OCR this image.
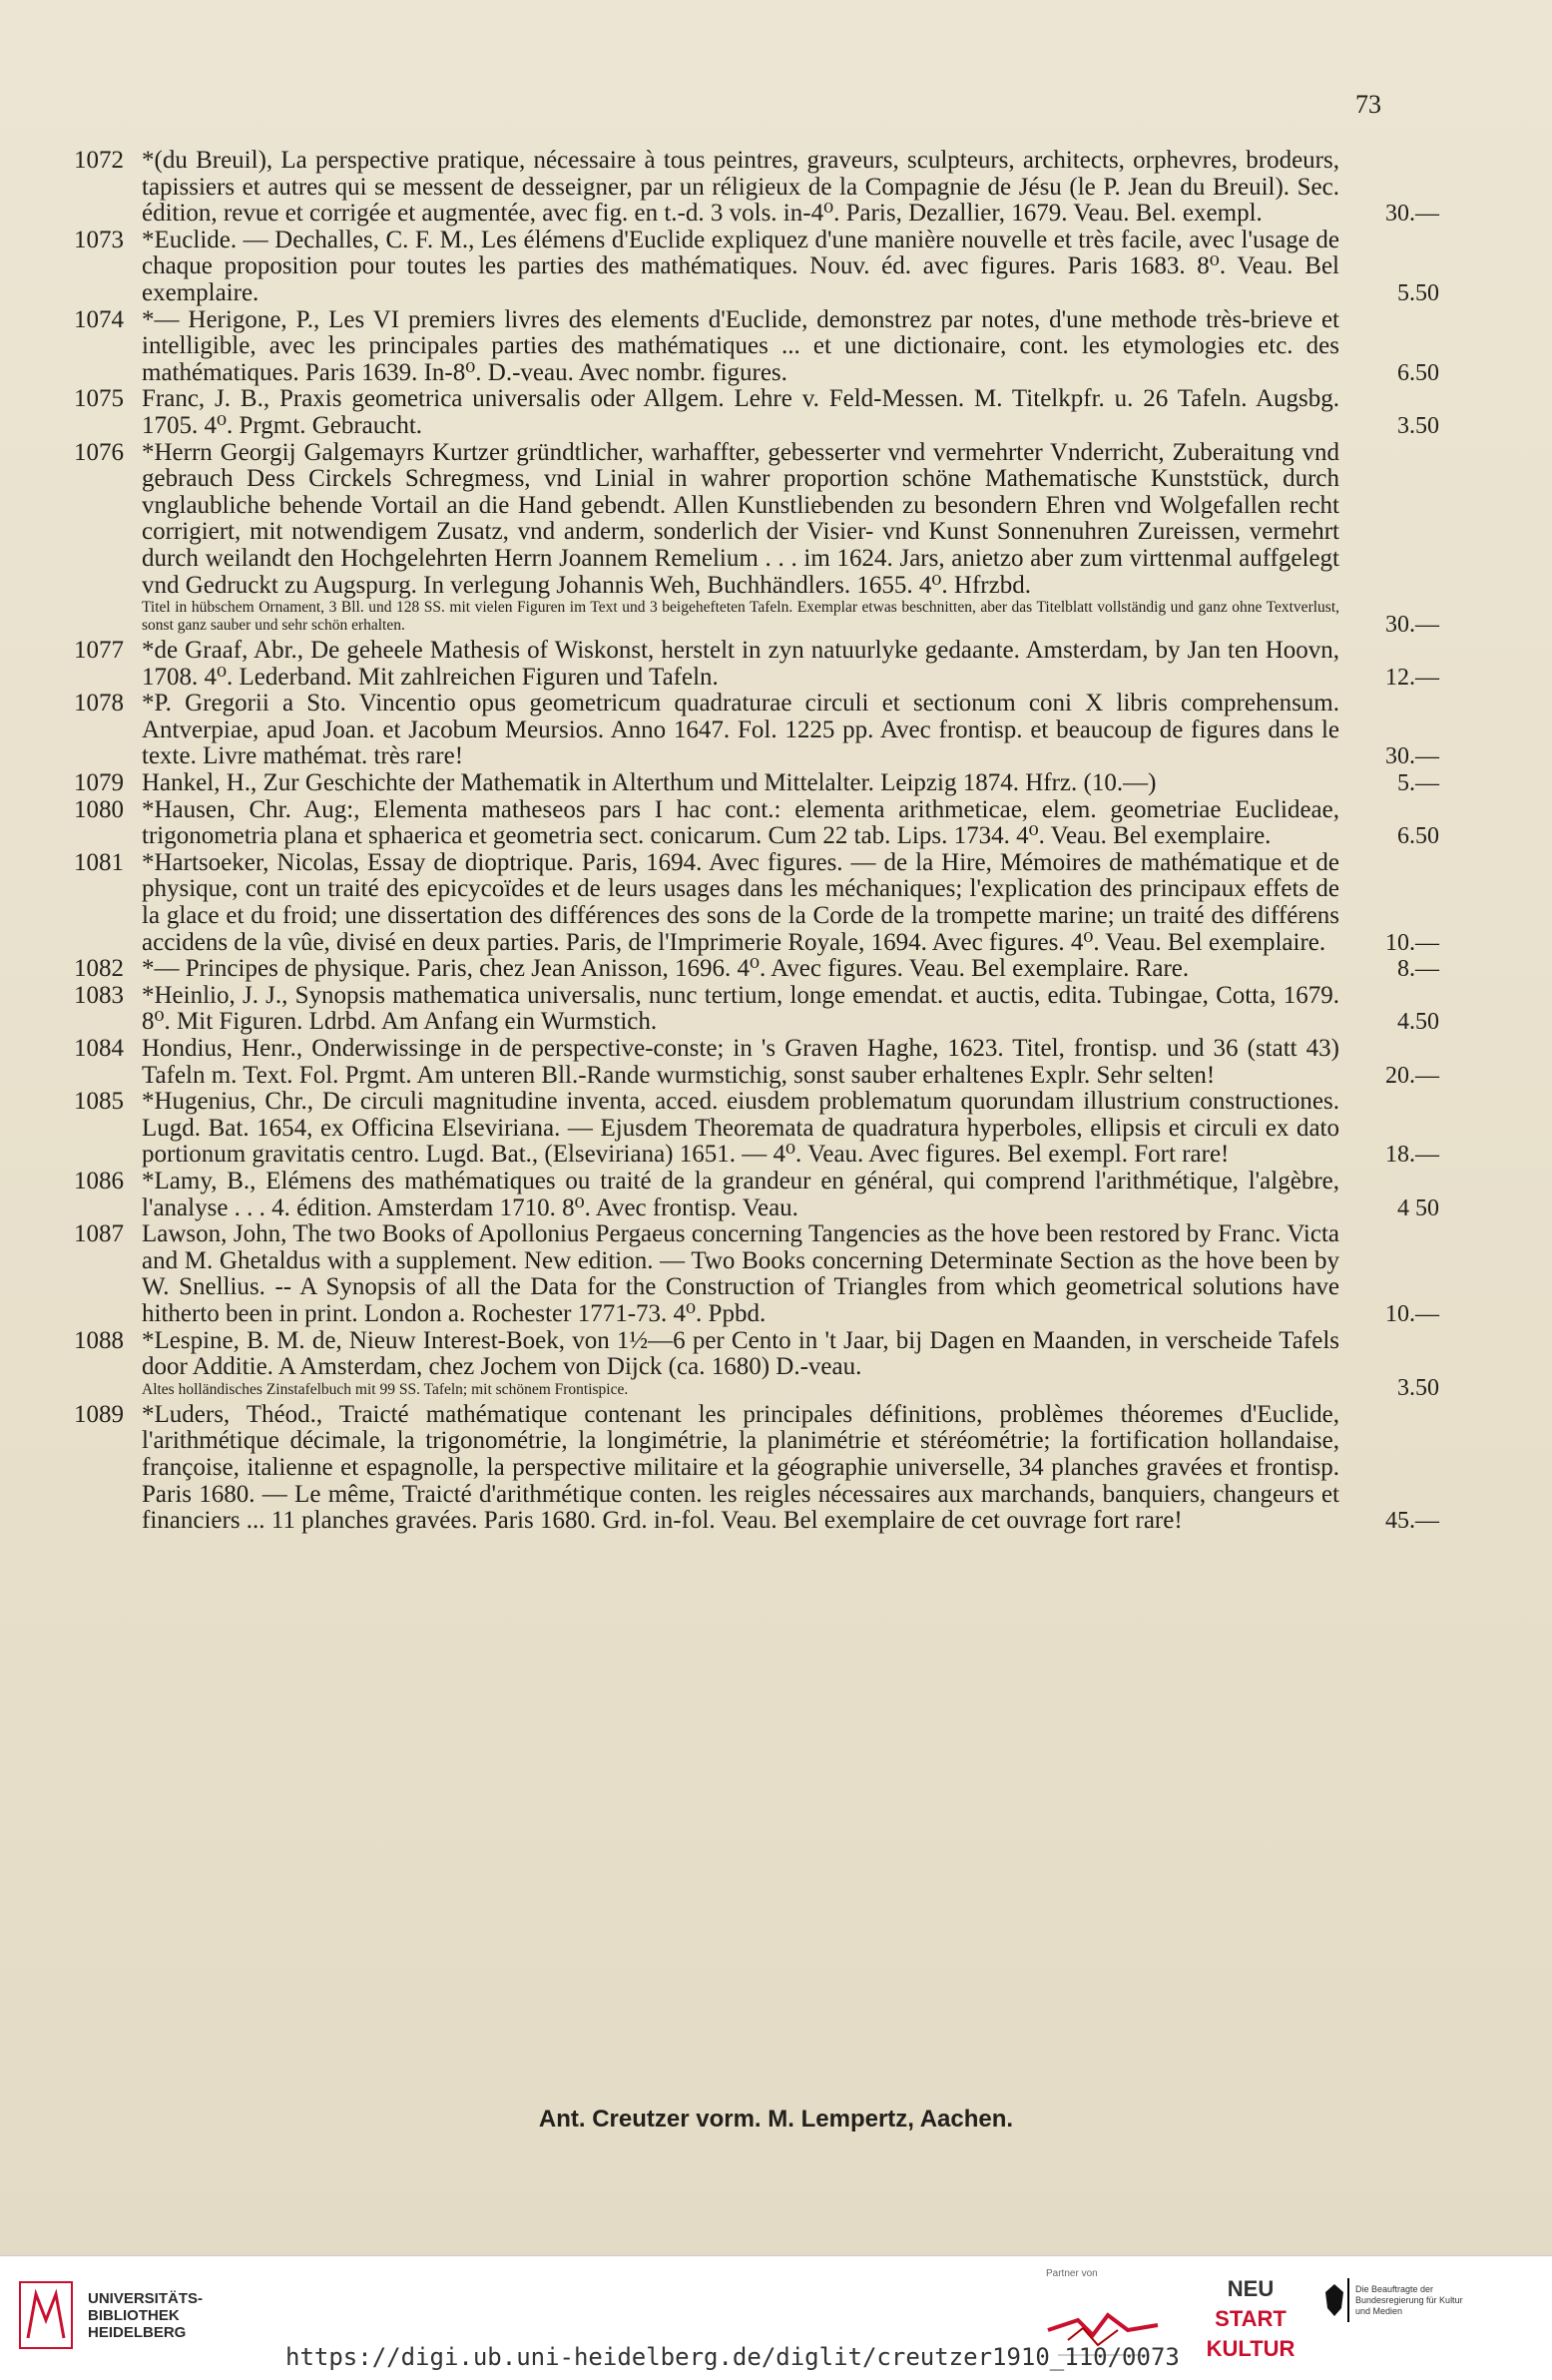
73
1072 *(du Breuil), La perspective pratique, nécessaire à tous peintres, graveurs, sculpteurs, architects, orphevres, brodeurs, tapissiers et autres qui se messent de desseigner, par un réligieux de la Compagnie de Jésu (le P. Jean du Breuil). Sec. édition, revue et corrigée et augmentée, avec fig. en t.-d. 3 vols. in-4⁰. Paris, Dezallier, 1679. Veau. Bel. exempl.	30.—
1073 *Euclide. — Dechalles, C. F. M., Les élémens d'Euclide expliquez d'une manière nouvelle et très facile, avec l'usage de chaque proposition pour toutes les parties des mathématiques. Nouv. éd. avec figures. Paris 1683. 8⁰. Veau. Bel exemplaire.	5.50
1074 *— Herigone, P., Les VI premiers livres des elements d'Euclide, demonstrez par notes, d'une methode très-brieve et intelligible, avec les principales parties des mathématiques ... et une dictionaire, cont. les etymologies etc. des mathématiques. Paris 1639. In-8⁰. D.-veau. Avec nombr. figures.	6.50
1075 Franc, J. B., Praxis geometrica universalis oder Allgem. Lehre v. Feld-Messen. M. Titelkpfr. u. 26 Tafeln. Augsbg. 1705. 4⁰. Prgmt. Gebraucht.	3.50
1076 *Herrn Georgij Galgemayrs Kurtzer gründtlicher, warhaffter, gebesserter vnd vermehrter Vnderricht, Zuberaitung vnd gebrauch Dess Circkels Schregmess, vnd Linial in wahrer proportion schöne Mathematische Kunststück, durch vnglaubliche behende Vortail an die Hand gebendt. Allen Kunstliebenden zu besondern Ehren vnd Wolgefallen recht corrigiert, mit notwendigem Zusatz, vnd anderm, sonderlich der Visier- vnd Kunst Sonnenuhren Zureissen, vermehrt durch weilandt den Hochgelehrten Herrn Joannem Remelium . . . im 1624. Jars, anietzo aber zum virttenmal auffgelegt vnd Gedruckt zu Augspurg. In verlegung Johannis Weh, Buchhändlers. 1655. 4⁰. Hfrzbd.

Titel in hübschem Ornament, 3 Bll. und 128 SS. mit vielen Figuren im Text und 3 beigehefteten Tafeln. Exemplar etwas beschnitten, aber das Titelblatt vollständig und ganz ohne Textverlust, sonst ganz sauber und sehr schön erhalten.	30.—
1077 *de Graaf, Abr., De geheele Mathesis of Wiskonst, herstelt in zyn natuurlyke gedaante. Amsterdam, by Jan ten Hoovn, 1708. 4⁰. Lederband. Mit zahlreichen Figuren und Tafeln.	12.—
1078 *P. Gregorii a Sto. Vincentio opus geometricum quadraturae circuli et sectionum coni X libris comprehensum. Antverpiae, apud Joan. et Jacobum Meursios. Anno 1647. Fol. 1225 pp. Avec frontisp. et beaucoup de figures dans le texte. Livre mathémat. très rare!	30.—
1079 Hankel, H., Zur Geschichte der Mathematik in Alterthum und Mittelalter. Leipzig 1874. Hfrz. (10.—)	5.—
1080 *Hausen, Chr. Aug:, Elementa matheseos pars I hac cont.: elementa arithmeticae, elem. geometriae Euclideae, trigonometria plana et sphaerica et geometria sect. conicarum. Cum 22 tab. Lips. 1734. 4⁰. Veau. Bel exemplaire.	6.50
1081 *Hartsoeker, Nicolas, Essay de dioptrique. Paris, 1694. Avec figures. — de la Hire, Mémoires de mathématique et de physique, cont un traité des epicycoïdes et de leurs usages dans les méchaniques; l'explication des principaux effets de la glace et du froid; une dissertation des différences des sons de la Corde de la trompette marine; un traité des différens accidens de la vûe, divisé en deux parties. Paris, de l'Imprimerie Royale, 1694. Avec figures. 4⁰. Veau. Bel exemplaire.	10.—
1082 *— Principes de physique. Paris, chez Jean Anisson, 1696. 4⁰. Avec figures. Veau. Bel exemplaire. Rare.	8.—
1083 *Heinlio, J. J., Synopsis mathematica universalis, nunc tertium, longe emendat. et auctis, edita. Tubingae, Cotta, 1679. 8⁰. Mit Figuren. Ldrbd. Am Anfang ein Wurmstich.	4.50
1084 Hondius, Henr., Onderwissinge in de perspective-conste; in 's Graven Haghe, 1623. Titel, frontisp. und 36 (statt 43) Tafeln m. Text. Fol. Prgmt. Am unteren Bll.-Rande wurmstichig, sonst sauber erhaltenes Explr. Sehr selten!	20.—
1085 *Hugenius, Chr., De circuli magnitudine inventa, acced. eiusdem problematum quorundam illustrium constructiones. Lugd. Bat. 1654, ex Officina Elseviriana. — Ejusdem Theoremata de quadratura hyperboles, ellipsis et circuli ex dato portionum gravitatis centro. Lugd. Bat., (Elseviriana) 1651. — 4⁰. Veau. Avec figures. Bel exempl. Fort rare!	18.—
1086 *Lamy, B., Elémens des mathématiques ou traité de la grandeur en général, qui comprend l'arithmétique, l'algèbre, l'analyse . . . 4. édition. Amsterdam 1710. 8⁰. Avec frontisp. Veau.	4 50
1087 Lawson, John, The two Books of Apollonius Pergaeus concerning Tangencies as the hove been restored by Franc. Victa and M. Ghetaldus with a supplement. New edition. — Two Books concerning Determinate Section as the hove been by W. Snellius. -- A Synopsis of all the Data for the Construction of Triangles from which geometrical solutions have hitherto been in print. London a. Rochester 1771-73. 4⁰. Ppbd.	10.—
1088 *Lespine, B. M. de, Nieuw Interest-Boek, von 1½—6 per Cento in 't Jaar, bij Dagen en Maanden, in verscheide Tafels door Additie. A Amsterdam, chez Jochem von Dijck (ca. 1680) D.-veau.

Altes holländisches Zinstafelbuch mit 99 SS. Tafeln; mit schönem Frontispice.	3.50
1089 *Luders, Théod., Traicté mathématique contenant les principales définitions, problèmes théoremes d'Euclide, l'arithmétique décimale, la trigonométrie, la longimétrie, la planimétrie et stéréométrie; la fortification hollandaise, françoise, italienne et espagnolle, la perspective militaire et la géographie universelle, 34 planches gravées et frontisp. Paris 1680. — Le même, Traicté d'arithmétique conten. les reigles nécessaires aux marchands, banquiers, changeurs et financiers ... 11 planches gravées. Paris 1680. Grd. in-fol. Veau. Bel exemplaire de cet ouvrage fort rare!	45.—
Ant. Creutzer vorm. M. Lempertz, Aachen.
UNIVERSITÄTS-
BIBLIOTHEK
HEIDELBERG
Partner von
NEU
START
KULTUR
Die Beauftragte der Bundesregierung für Kultur und Medien
https://digi.ub.uni-heidelberg.de/diglit/creutzer1910_110/0073
